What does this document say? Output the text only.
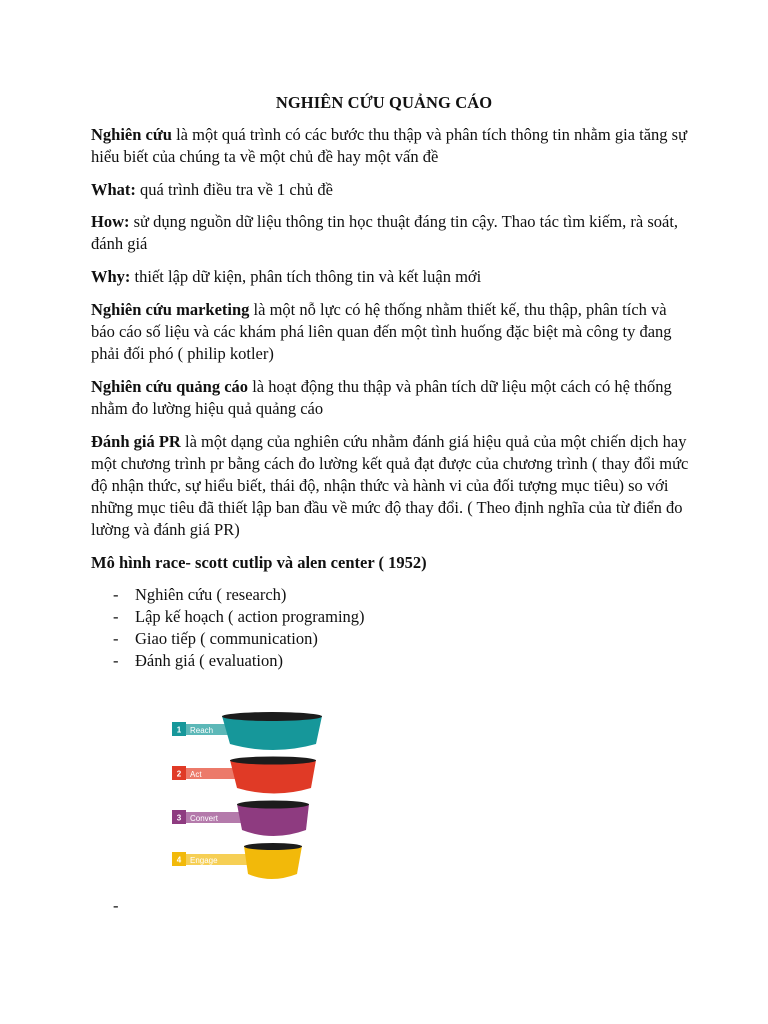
NGHIÊN CỨU QUẢNG CÁO

Nghiên cứu là một quá trình có các bước thu thập và phân tích thông tin nhằm gia tăng sự hiểu biết của chúng ta về một chủ đề hay một vấn đề

What: quá trình điều tra về 1 chủ đề

How: sử dụng nguồn dữ liệu thông tin học thuật đáng tin cậy. Thao tác tìm kiếm, rà soát, đánh giá

Why: thiết lập dữ kiện, phân tích thông tin và kết luận mới

Nghiên cứu marketing là một nỗ lực có hệ thống nhằm thiết kế, thu thập, phân tích và báo cáo số liệu và các khám phá liên quan đến một tình huống đặc biệt mà công ty đang phải đối phó ( philip kotler)

Nghiên cứu quảng cáo là hoạt động thu thập và phân tích dữ liệu một cách có hệ thống nhằm đo lường hiệu quả quảng cáo

Đánh giá PR là một dạng của nghiên cứu nhằm đánh giá hiệu quả của một chiến dịch hay một chương trình pr bằng cách đo lường kết quả đạt được của chương trình ( thay đổi mức độ nhận thức, sự hiểu biết, thái độ, nhận thức và hành vi của đối tượng mục tiêu) so với những mục tiêu đã thiết lập ban đầu về mức độ thay đổi. ( Theo định nghĩa của từ điển đo lường và đánh giá PR)

Mô hình race- scott cutlip và alen center ( 1952)
- Nghiên cứu ( research)
- Lập kế hoạch ( action programing)
- Giao tiếp ( communication)
- Đánh giá ( evaluation)
1 Reach
2 Act
3 Convert
4 Engage
-
